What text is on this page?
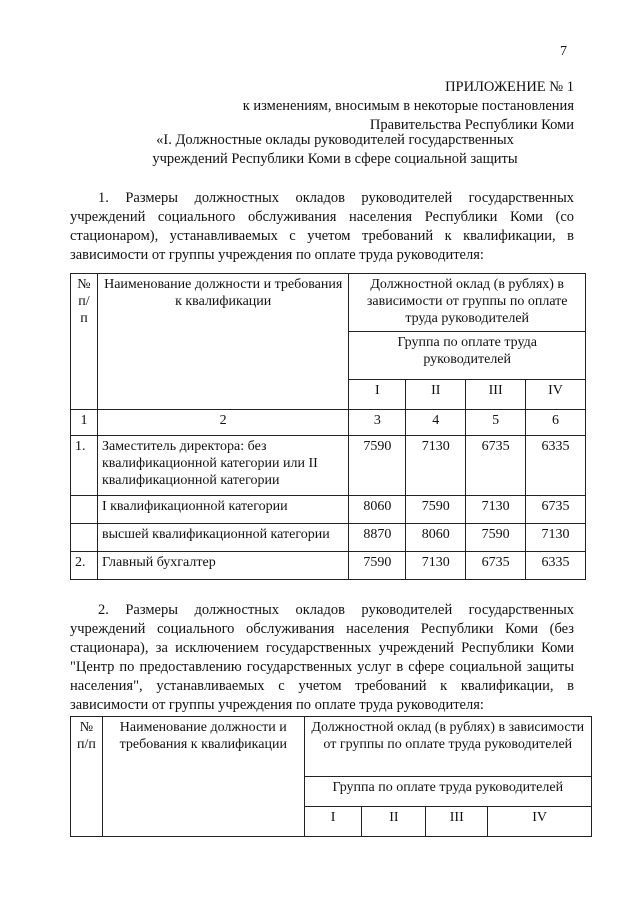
7
ПРИЛОЖЕНИЕ № 1
к изменениям, вносимым в некоторые постановления
Правительства Республики Коми
«I. Должностные оклады руководителей государственных
учреждений Республики Коми в сфере социальной защиты
1. Размеры должностных окладов руководителей государственных учреждений социального обслуживания населения Республики Коми (со стационаром), устанавливаемых с учетом требований к квалификации, в зависимости от группы учреждения по оплате труда руководителя:
№ п/п	Наименование должности и требования к квалификации	Должностной оклад (в рублях) в зависимости от группы по оплате труда руководителей			
		Группа по оплате труда руководителей			
		I	II	III	IV
1	2	3	4	5	6
1.	Заместитель директора: без квалификационной категории или II квалификационной категории	7590	7130	6735	6335
	I квалификационной категории	8060	7590	7130	6735
	высшей квалификационной категории	8870	8060	7590	7130
2.	Главный бухгалтер	7590	7130	6735	6335
2. Размеры должностных окладов руководителей государственных учреждений социального обслуживания населения Республики Коми (без стационара), за исключением государственных учреждений Республики Коми "Центр по предоставлению государственных услуг в сфере социальной защиты населения", устанавливаемых с учетом требований к квалификации, в зависимости от группы учреждения по оплате труда руководителя:
№ п/п	Наименование должности и требования к квалификации	Должностной оклад (в рублях) в зависимости от группы по оплате труда руководителей			
		Группа по оплате труда руководителей			
		I	II	III	IV
